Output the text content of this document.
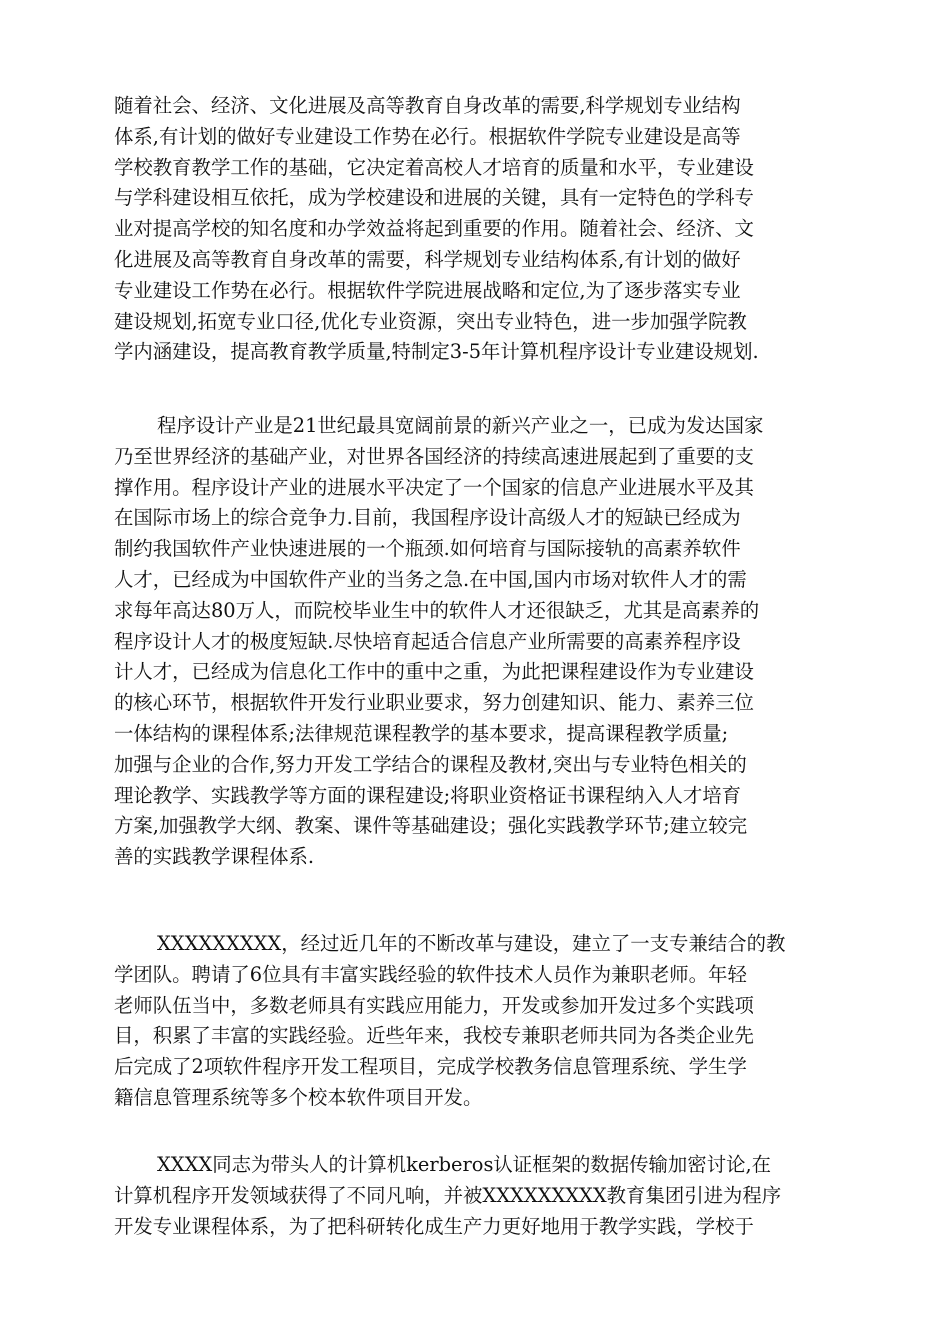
随着社会、经济、文化进展及高等教育自身改革的需要,科学规划专业结构
体系,有计划的做好专业建设工作势在必行。根据软件学院专业建设是高等
学校教育教学工作的基础，它决定着高校人才培育的质量和水平，专业建设
与学科建设相互依托，成为学校建设和进展的关键，具有一定特色的学科专
业对提高学校的知名度和办学效益将起到重要的作用。随着社会、经济、文
化进展及高等教育自身改革的需要，科学规划专业结构体系,有计划的做好
专业建设工作势在必行。根据软件学院进展战略和定位,为了逐步落实专业
建设规划,拓宽专业口径,优化专业资源，突出专业特色，进一步加强学院教
学内涵建设，提高教育教学质量,特制定3-5年计算机程序设计专业建设规划.
程序设计产业是21世纪最具宽阔前景的新兴产业之一，已成为发达国家
乃至世界经济的基础产业，对世界各国经济的持续高速进展起到了重要的支
撑作用。程序设计产业的进展水平决定了一个国家的信息产业进展水平及其
在国际市场上的综合竞争力.目前，我国程序设计高级人才的短缺已经成为
制约我国软件产业快速进展的一个瓶颈.如何培育与国际接轨的高素养软件
人才，已经成为中国软件产业的当务之急.在中国,国内市场对软件人才的需
求每年高达80万人，而院校毕业生中的软件人才还很缺乏，尤其是高素养的
程序设计人才的极度短缺.尽快培育起适合信息产业所需要的高素养程序设
计人才，已经成为信息化工作中的重中之重，为此把课程建设作为专业建设
的核心环节，根据软件开发行业职业要求，努力创建知识、能力、素养三位
一体结构的课程体系;法律规范课程教学的基本要求，提高课程教学质量;
加强与企业的合作,努力开发工学结合的课程及教材,突出与专业特色相关的
理论教学、实践教学等方面的课程建设;将职业资格证书课程纳入人才培育
方案,加强教学大纲、教案、课件等基础建设；强化实践教学环节;建立较完
善的实践教学课程体系.
XXXXXXXXX，经过近几年的不断改革与建设，建立了一支专兼结合的教
学团队。聘请了6位具有丰富实践经验的软件技术人员作为兼职老师。年轻
老师队伍当中，多数老师具有实践应用能力，开发或参加开发过多个实践项
目，积累了丰富的实践经验。近些年来，我校专兼职老师共同为各类企业先
后完成了2项软件程序开发工程项目，完成学校教务信息管理系统、学生学
籍信息管理系统等多个校本软件项目开发。
XXXX同志为带头人的计算机kerberos认证框架的数据传输加密讨论,在
计算机程序开发领域获得了不同凡响，并被XXXXXXXXX教育集团引进为程序
开发专业课程体系，为了把科研转化成生产力更好地用于教学实践，学校于
